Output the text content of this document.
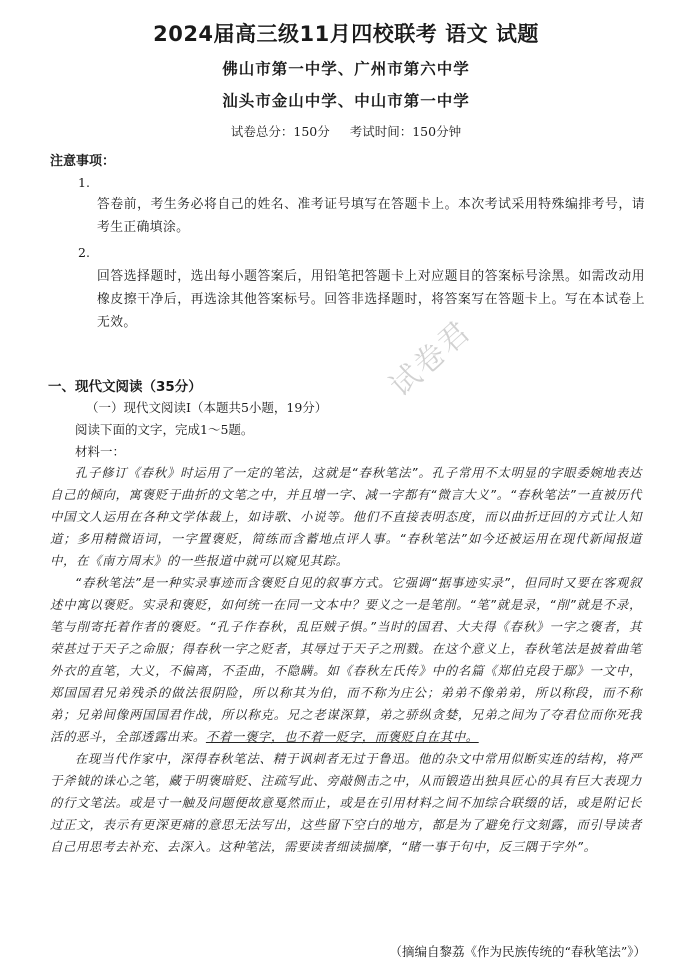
2024届高三级11月四校联考 语文 试题
佛山市第一中学、广州市第六中学
汕头市金山中学、中山市第一中学
试卷总分：150分 考试时间：150分钟
注意事项：
1.
答卷前，考生务必将自己的姓名、准考证号填写在答题卡上。本次考试采用特殊编排考号，请考生正确填涂。
2.
回答选择题时，选出每小题答案后，用铅笔把答题卡上对应题目的答案标号涂黑。如需改动用橡皮擦干净后，再选涂其他答案标号。回答非选择题时，将答案写在答题卡上。写在本试卷上无效。
一、现代文阅读（35分）
（一）现代文阅读I（本题共5小题，19分）
阅读下面的文字，完成1～5题。
材料一：

孔子修订《春秋》时运用了一定的笔法，这就是“春秋笔法”。孔子常用不太明显的字眼委婉地表达自己的倾向，寓褒贬于曲折的文笔之中，并且增一字、减一字都有“微言大义”。“春秋笔法”一直被历代中国文人运用在各种文学体裁上，如诗歌、小说等。他们不直接表明态度，而以曲折迂回的方式让人知道；多用精微语词，一字置褒贬，简练而含蓄地点评人事。“春秋笔法”如今还被运用在现代新闻报道中，在《南方周末》的一些报道中就可以窥见其踪。

“春秋笔法”是一种实录事迹而含褒贬自见的叙事方式。它强调“据事迹实录”，但同时又要在客观叙述中寓以褒贬。实录和褒贬，如何统一在同一文本中？要义之一是笔削。“笔”就是录，“削”就是不录，笔与削寄托着作者的褒贬。“孔子作春秋，乱臣贼子惧。”当时的国君、大夫得《春秋》一字之褒者，其荣甚过于天子之命服；得春秋一字之贬者，其辱过于天子之刑戮。在这个意义上，春秋笔法是披着曲笔外衣的直笔，大义，不偏离，不歪曲，不隐瞒。如《春秋左氏传》中的名篇《郑伯克段于鄢》一文中，郑国国君兄弟残杀的做法很阴险，所以称其为伯，而不称为庄公；弟弟不像弟弟，所以称段，而不称弟；兄弟间像两国国君作战，所以称克。兄之老谋深算，弟之骄纵贪婪，兄弟之间为了夺君位而你死我活的恶斗，全部透露出来。不着一褒字，也不着一贬字，而褒贬自在其中。

在现当代作家中，深得春秋笔法、精于讽刺者无过于鲁迅。他的杂文中常用似断实连的结构，将严于斧钺的诛心之笔，藏于明褒暗贬、注疏写此、旁敲侧击之中，从而锻造出独具匠心的具有巨大表现力的行文笔法。或是寸一触及问题便故意戛然而止，或是在引用材料之间不加综合联缀的话，或是附记长过正文，表示有更深更痛的意思无法写出，这些留下空白的地方，都是为了避免行文刻露，而引导读者自己用思考去补充、去深入。这种笔法，需要读者细读揣摩，“睹一事于句中，反三隅于字外”。

（摘编自黎荔《作为民族传统的“春秋笔法”》）
试卷君
